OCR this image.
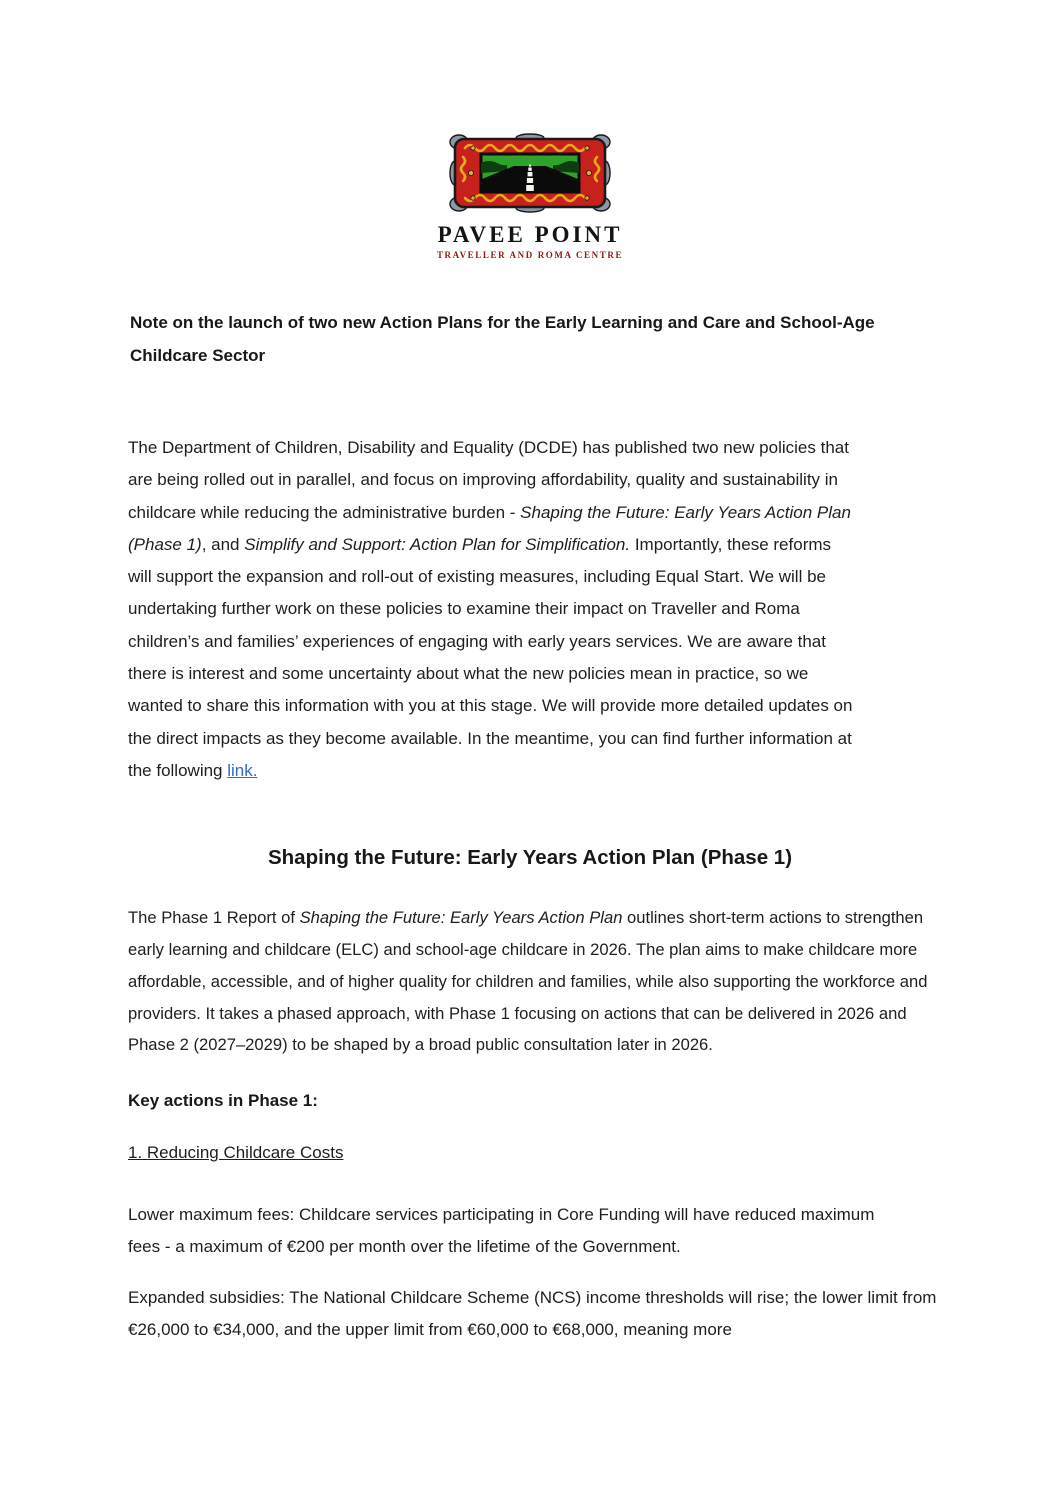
PAVEE POINT
TRAVELLER AND ROMA CENTRE
Note on the launch of two new Action Plans for the Early Learning and Care and School-Age Childcare Sector

The Department of Children, Disability and Equality (DCDE) has published two new policies that are being rolled out in parallel, and focus on improving affordability, quality and sustainability in childcare while reducing the administrative burden - Shaping the Future: Early Years Action Plan (Phase 1), and Simplify and Support: Action Plan for Simplification. Importantly, these reforms will support the expansion and roll-out of existing measures, including Equal Start. We will be undertaking further work on these policies to examine their impact on Traveller and Roma children’s and families’ experiences of engaging with early years services. We are aware that there is interest and some uncertainty about what the new policies mean in practice, so we wanted to share this information with you at this stage. We will provide more detailed updates on the direct impacts as they become available. In the meantime, you can find further information at the following link.

Shaping the Future: Early Years Action Plan (Phase 1)

The Phase 1 Report of Shaping the Future: Early Years Action Plan outlines short-term actions to strengthen early learning and childcare (ELC) and school-age childcare in 2026. The plan aims to make childcare more affordable, accessible, and of higher quality for children and families, while also supporting the workforce and providers. It takes a phased approach, with Phase 1 focusing on actions that can be delivered in 2026 and Phase 2 (2027–2029) to be shaped by a broad public consultation later in 2026.

Key actions in Phase 1:

1. Reducing Childcare Costs

Lower maximum fees: Childcare services participating in Core Funding will have reduced maximum fees - a maximum of €200 per month over the lifetime of the Government.

Expanded subsidies: The National Childcare Scheme (NCS) income thresholds will rise; the lower limit from €26,000 to €34,000, and the upper limit from €60,000 to €68,000, meaning more
